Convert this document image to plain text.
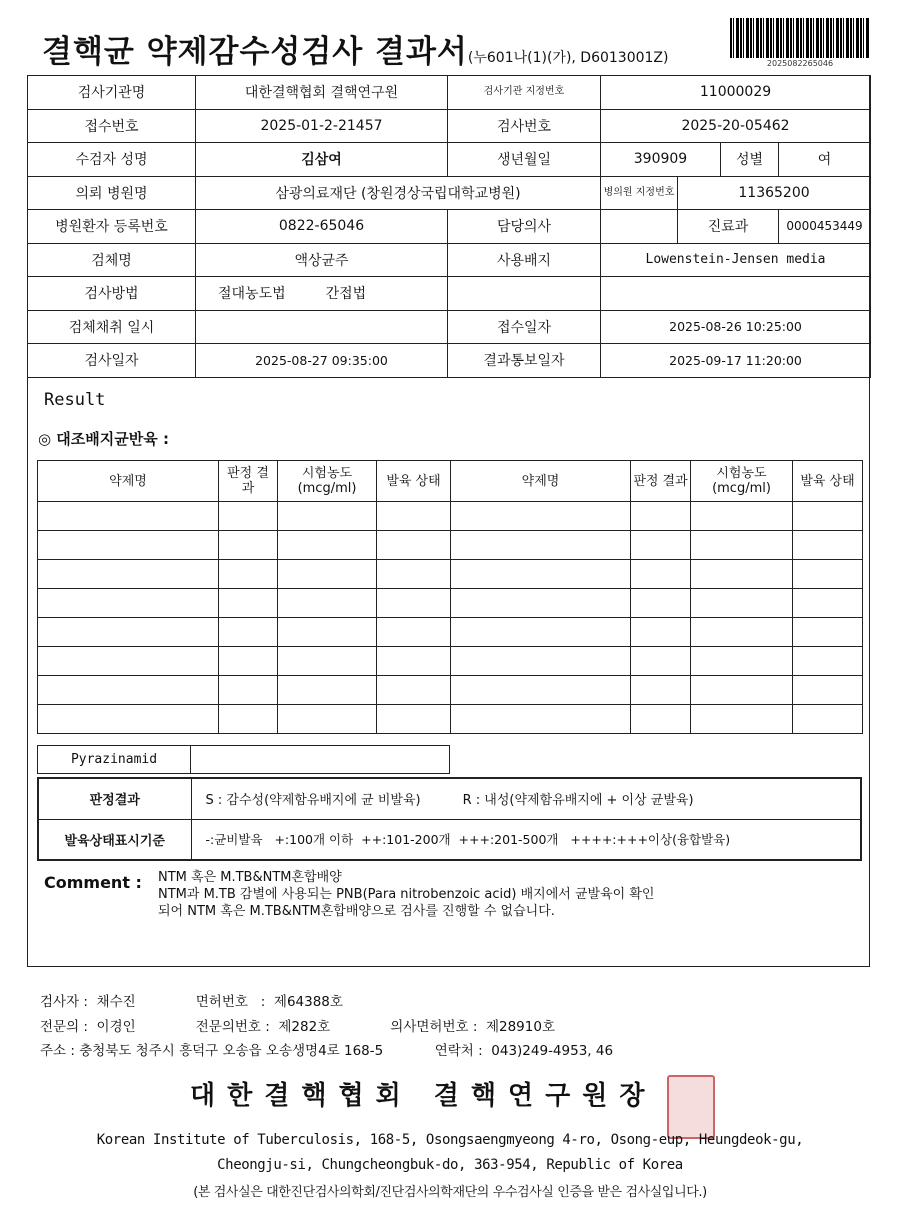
결핵균 약제감수성검사 결과서(누601나(1)(가), D6013001Z)	2025082265046
검사기관명	대한결핵협회 결핵연구원	검사기관 지정번호	11000029			
접수번호	2025-01-2-21457	검사번호	2025-20-05462			
수검자 성명	김삼여	생년월일	390909		성별	여
의뢰 병원명	삼광의료재단 (창원경상국립대학교병원)		병의원 지정번호	11365200		
병원환자 등록번호	0822-65046	담당의사		진료과		0000453449
검체명	액상균주	사용배지	Lowenstein-Jensen media			
검사방법	절대농도법 간접법					
검체채취 일시		접수일자	2025-08-26 10:25:00			
검사일자	2025-08-27 09:35:00	결과통보일자	2025-09-17 11:20:00			
Result
◎ 대조배지균반육 :
약제명	판정 결과	시험농도 (mcg/ml)	발육 상태	약제명	판정 결과	시험농도 (mcg/ml)	발육 상태

Pyrazinamid	
판정결과	S : 감수성(약제함유배지에 균 비발육) R : 내성(약제함유배지에 + 이상 균발육)
발육상태표시기준	-:균비발육   +:100개 이하  ++:101-200개  +++:201-500개   ++++:+++이상(융합발육)
Comment : NTM 혹은 M.TB&NTM혼합배양
NTM과 M.TB 감별에 사용되는 PNB(Para nitrobenzoic acid) 배지에서 균발육이 확인
되어 NTM 혹은 M.TB&NTM혼합배양으로 검사를 진행할 수 없습니다.
검사자 :  채수진              면허번호   :  제64388호
전문의 :  이경인              전문의번호 :  제282호              의사면허번호 :  제28910호
주소 : 충청북도 청주시 흥덕구 오송읍 오송생명4로 168-5            연락처 :  043)249-4953, 46
대한결핵협회 결핵연구원장
Korean Institute of Tuberculosis, 168-5, Osongsaengmyeong 4-ro, Osong-eup, Heungdeok-gu,
Cheongju-si, Chungcheongbuk-do, 363-954, Republic of Korea
(본 검사실은 대한진단검사의학회/진단검사의학재단의 우수검사실 인증을 받은 검사실입니다.)
